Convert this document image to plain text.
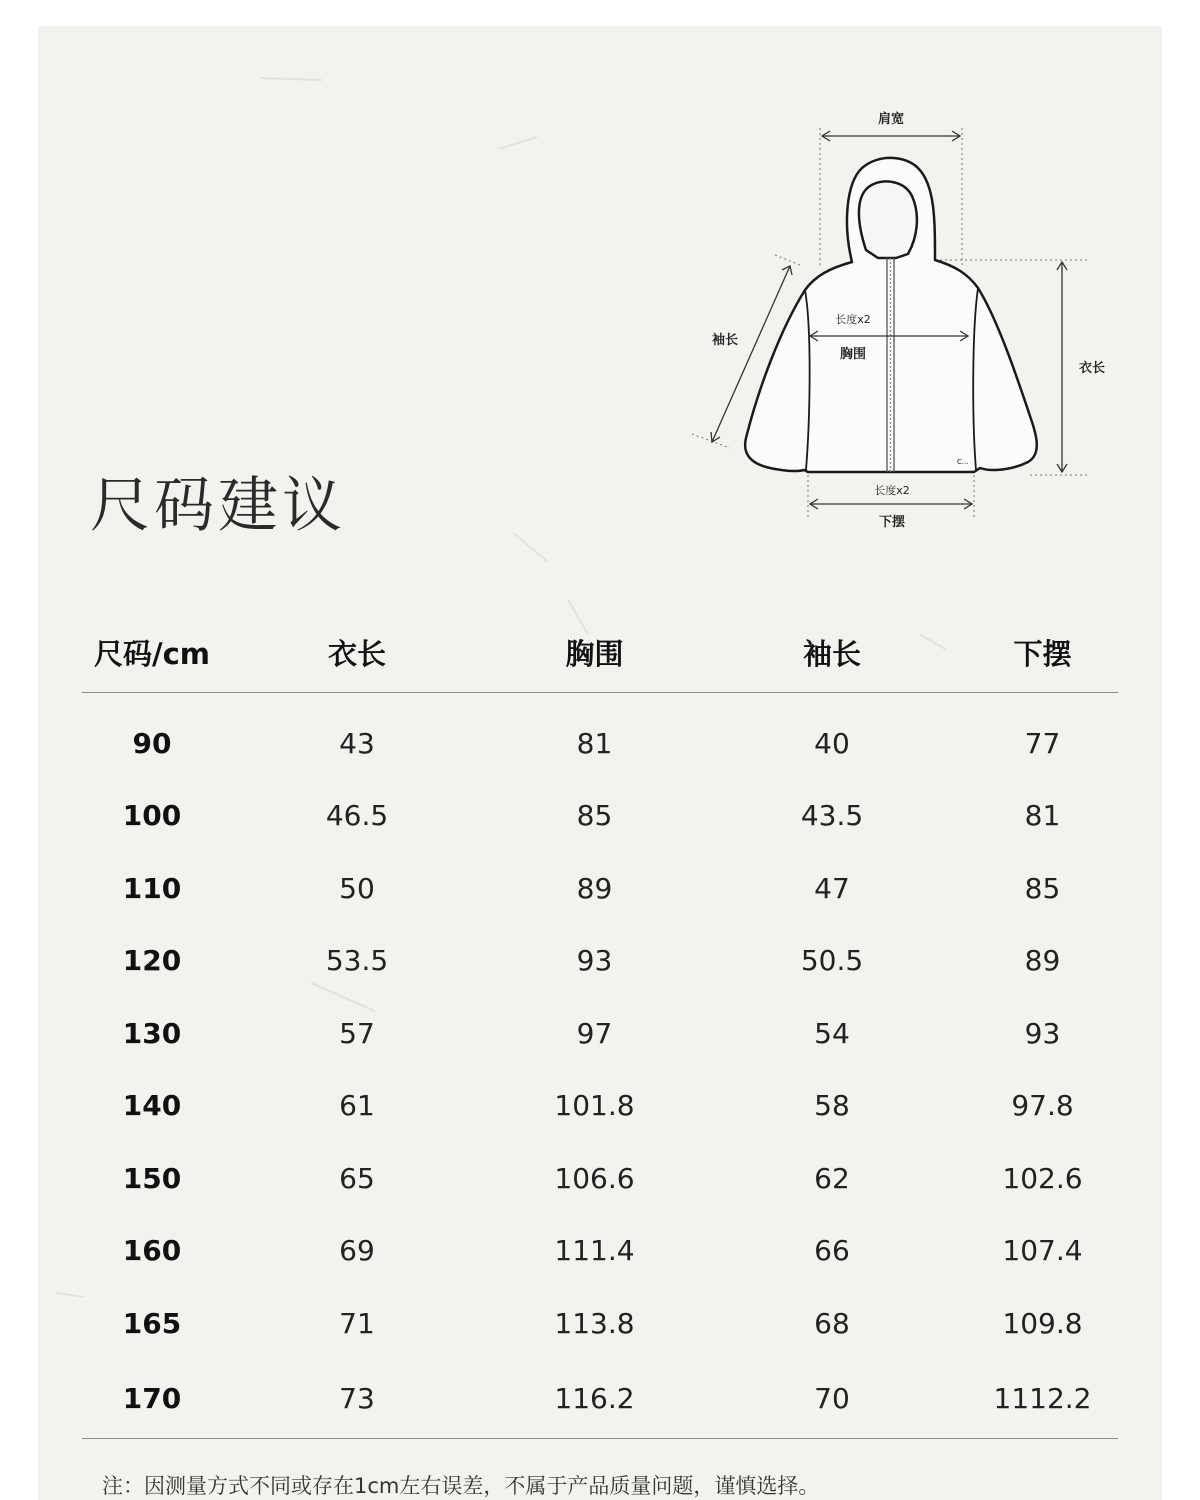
尺码建议
C...
肩宽
袖长
长度x2
胸围
衣长
长度x2
下摆
尺码/cm	衣长	胸围	袖长	下摆
90	43	81	40	77
100	46.5	85	43.5	81
110	50	89	47	85
120	53.5	93	50.5	89
130	57	97	54	93
140	61	101.8	58	97.8
150	65	106.6	62	102.6
160	69	111.4	66	107.4
165	71	113.8	68	109.8
170	73	116.2	70	1112.2
注：因测量方式不同或存在1cm左右误差，不属于产品质量问题，谨慎选择。
